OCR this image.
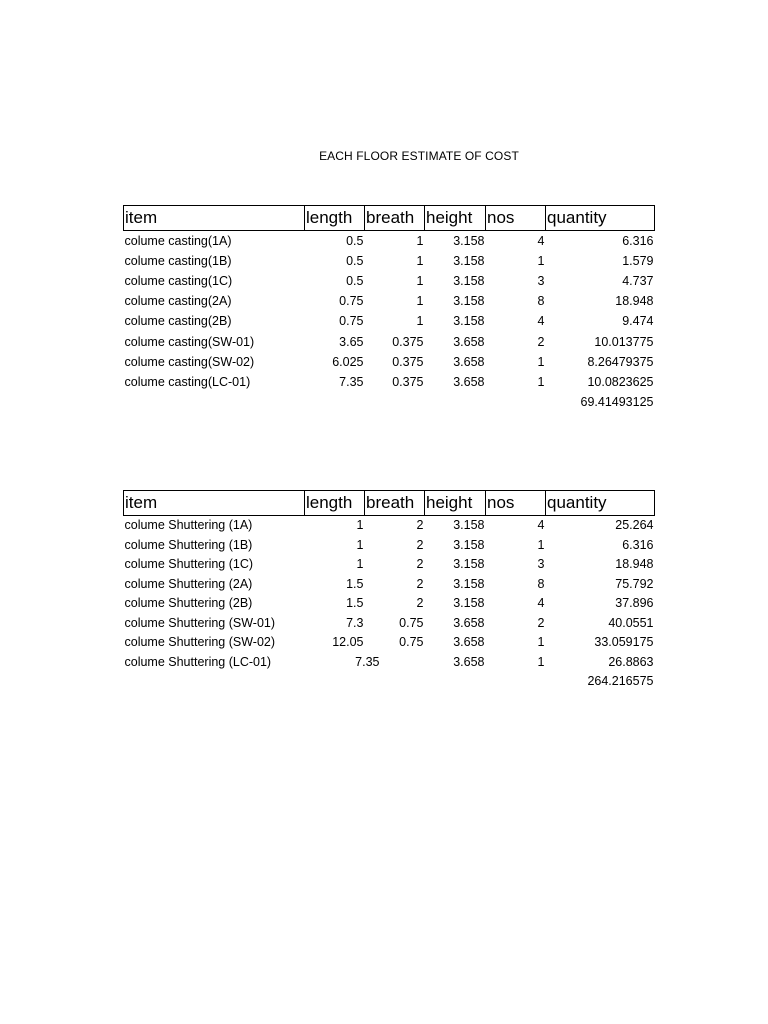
EACH FLOOR ESTIMATE OF COST
item	length	breath	height	nos	quantity
colume casting(1A)	0.5	1	3.158	4	6.316
colume casting(1B)	0.5	1	3.158	1	1.579
colume casting(1C)	0.5	1	3.158	3	4.737
colume casting(2A)	0.75	1	3.158	8	18.948
colume casting(2B)	0.75	1	3.158	4	9.474
colume casting(SW-01)	3.65	0.375	3.658	2	10.013775
colume casting(SW-02)	6.025	0.375	3.658	1	8.26479375
colume casting(LC-01)	7.35	0.375	3.658	1	10.0823625
					69.41493125
item	length	breath	height	nos	quantity
colume Shuttering (1A)	1	2	3.158	4	25.264
colume Shuttering (1B)	1	2	3.158	1	6.316
colume Shuttering (1C)	1	2	3.158	3	18.948
colume Shuttering (2A)	1.5	2	3.158	8	75.792
colume Shuttering (2B)	1.5	2	3.158	4	37.896
colume Shuttering (SW-01)	7.3	0.75	3.658	2	40.0551
colume Shuttering (SW-02)	12.05	0.75	3.658	1	33.059175
colume Shuttering (LC-01)	7.35		3.658	1	26.8863
					264.216575
